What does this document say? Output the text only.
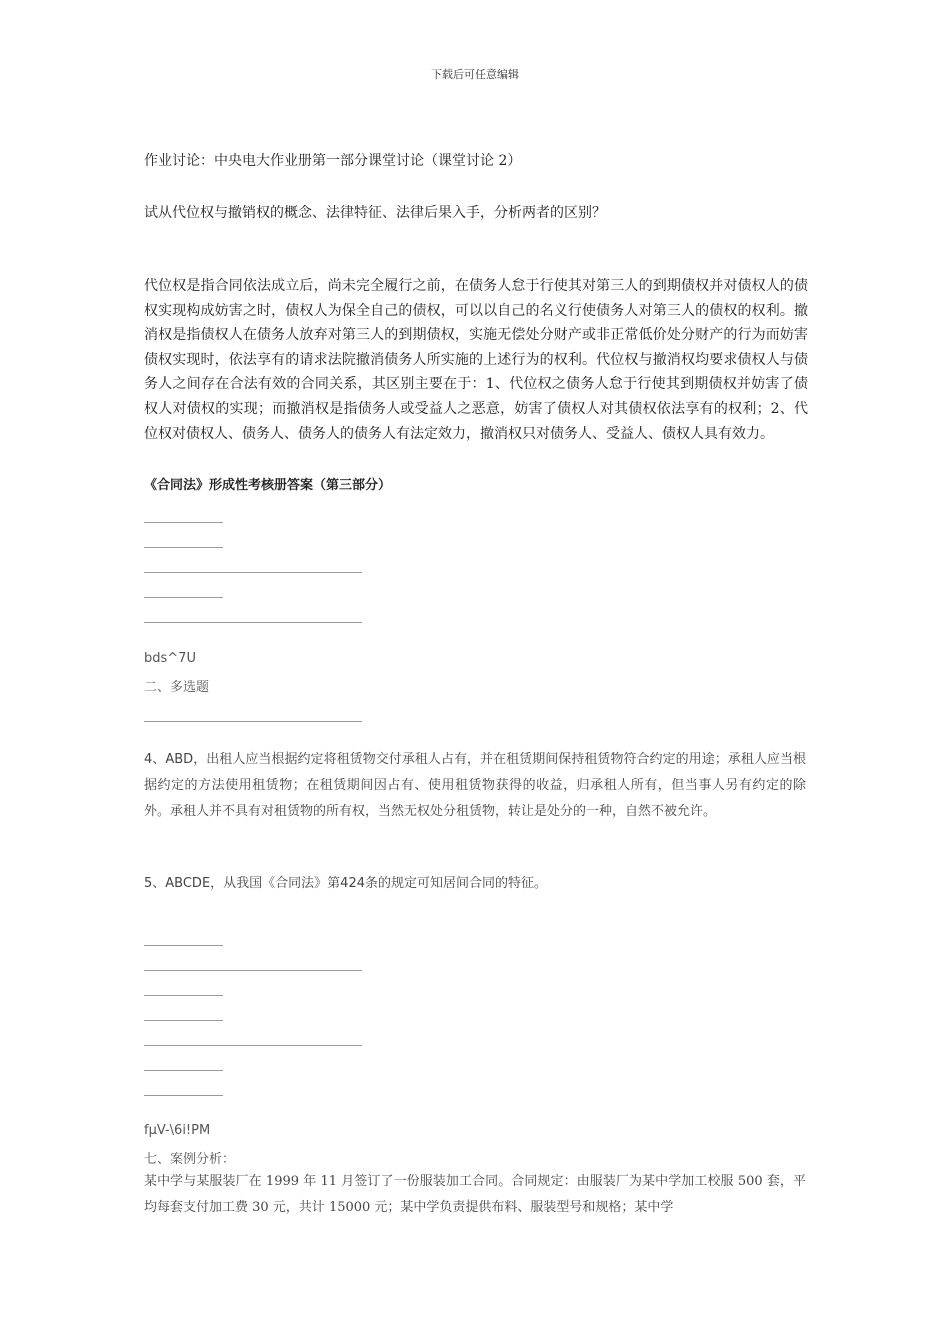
下载后可任意编辑
作业讨论：中央电大作业册第一部分课堂讨论（课堂讨论 2）
试从代位权与撤销权的概念、法律特征、法律后果入手，分析两者的区别？
代位权是指合同依法成立后，尚未完全履行之前，在债务人怠于行使其对第三人的到期债权并对债权人的债权实现构成妨害之时，债权人为保全自己的债权，可以以自己的名义行使债务人对第三人的债权的权利。撤消权是指债权人在债务人放弃对第三人的到期债权，实施无偿处分财产或非正常低价处分财产的行为而妨害债权实现时，依法享有的请求法院撤消债务人所实施的上述行为的权利。代位权与撤消权均要求债权人与债务人之间存在合法有效的合同关系，其区别主要在于：1、代位权之债务人怠于行使其到期债权并妨害了债权人对债权的实现；而撤消权是指债务人或受益人之恶意，妨害了债权人对其债权依法享有的权利；2、代位权对债权人、债务人、债务人的债务人有法定效力，撤消权只对债务人、受益人、债权人具有效力。
《合同法》形成性考核册答案（第三部分）
bds^7U
二、多选题
4、ABD，出租人应当根据约定将租赁物交付承租人占有，并在租赁期间保持租赁物符合约定的用途；承租人应当根据约定的方法使用租赁物；在租赁期间因占有、使用租赁物获得的收益，归承租人所有，但当事人另有约定的除外。承租人并不具有对租赁物的所有权，当然无权处分租赁物，转让是处分的一种，自然不被允许。
5、ABCDE，从我国《合同法》第424条的规定可知居间合同的特征。
fμV-\6i!PM
七、案例分析：
某中学与某服装厂在 1999 年 11 月签订了一份服装加工合同。合同规定：由服装厂为某中学加工校服 500 套，平均每套支付加工费 30 元，共计 15000 元；某中学负责提供布料、服装型号和规格；某中学
